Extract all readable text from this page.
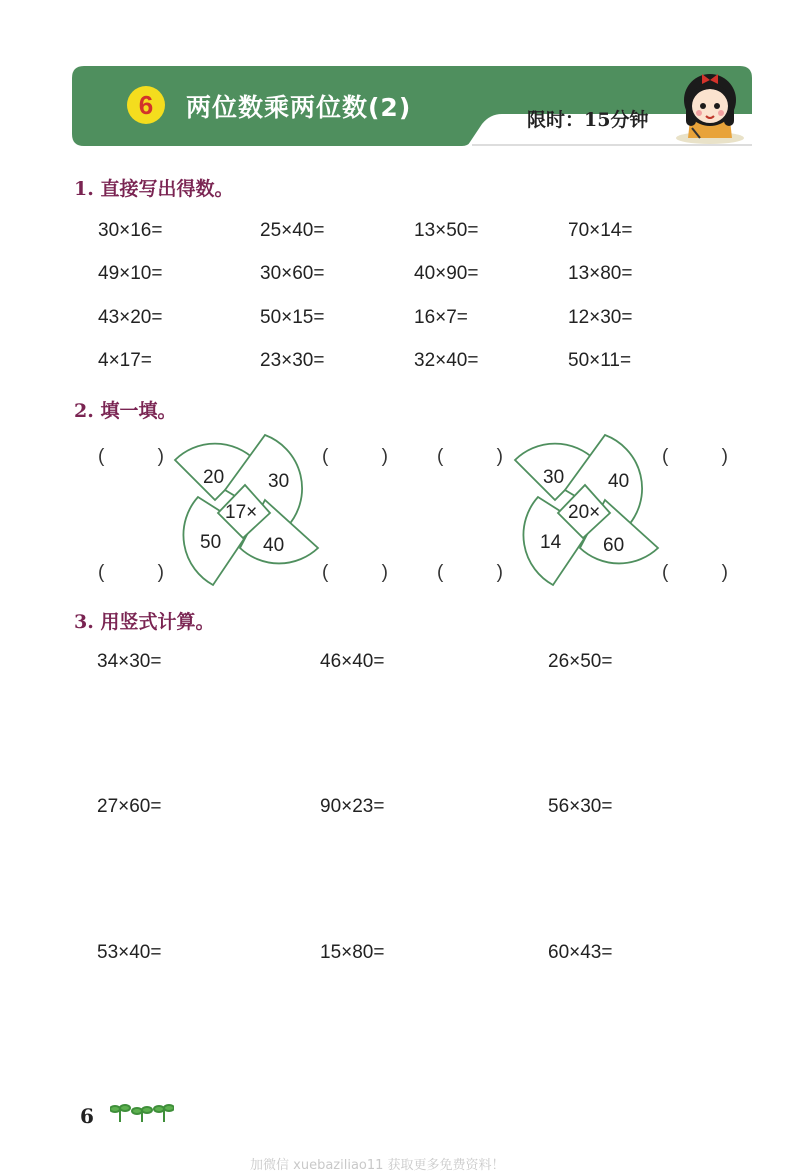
6	两位数乘两位数(2)	限时：15分钟
1. 直接写出得数。
30×16=	25×40=	13×50=	70×14=
49×10=	30×60=	40×90=	13×80=
43×20=	50×15=	16×7=	12×30=
4×17=	23×30=	32×40=	50×11=
2. 填一填。
(	)	(	)
(	)	(	)
(	)	(	)
(	)	(	)
20 30
17×
50 40
30 40
20×
14 60
3. 用竖式计算。
34×30=	46×40=	26×50=
27×60=	90×23=	56×30=
53×40=	15×80=	60×43=
6
加微信 xuebaziliao11 获取更多免费资料！
